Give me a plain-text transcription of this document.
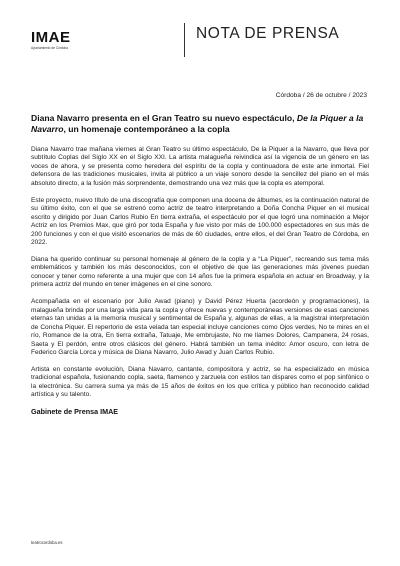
IMAE
Ayuntamiento de Córdoba
NOTA DE PRENSA
Córdoba / 26 de octubre / 2023
Diana Navarro presenta en el Gran Teatro su nuevo espectáculo, De la Piquer a la Navarro, un homenaje contemporáneo a la copla

Diana Navarro trae mañana viernes al Gran Teatro su último espectáculo, De la Piquer a la Navarro, que lleva por subtítulo Coplas del Siglo XX en el Siglo XXI. La artista malagueña reivindica así la vigencia de un género en las voces de ahora, y se presenta como heredera del espíritu de la copla y continuadora de este arte inmortal. Fiel defensora de las tradiciones musicales, invita al público a un viaje sonoro desde la sencillez del piano en el más absoluto directo, a la fusión más sorprendente, demostrando una vez más que la copla es atemporal.

Este proyecto, nuevo título de una discografía que componen una docena de álbumes, es la continuación natural de su último éxito, con el que se estrenó como actriz de teatro interpretando a Doña Concha Piquer en el musical escrito y dirigido por Juan Carlos Rubio En tierra extraña, el espectáculo por el que logró una nominación a Mejor Actriz en los Premios Max, que giró por toda España y fue visto por más de 100.000 espectadores en sus más de 200 funciones y con el que visitó escenarios de más de 60 ciudades, entre ellos, el del Gran Teatro de Córdoba, en 2022.

Diana ha querido continuar su personal homenaje al género de la copla y a “La Piquer”, recreando sus tema más emblemáticos y también los más desconocidos, con el objetivo de que las generaciones más jóvenes puedan conocer y tener como referente a una mujer que con 14 años fue la primera española en actuar en Broadway, y la primera actriz del mundo en tener imágenes en el cine sonoro.

Acompañada en el escenario por Julio Awad (piano) y David Pérez Huerta (acordeón y programaciones), la malagueña brinda por una larga vida para la copla y ofrece nuevas y contemporáneas versiones de esas canciones eternas tan unidas a la memoria musical y sentimental de España y, algunas de ellas, a la magistral interpretación de Concha Piquer. El repertorio de esta velada tan especial incluye canciones como Ojos verdes, No te mires en el río, Romance de la otra, En tierra extraña, Tatuaje, Me embrujaste, No me llames Dolores, Campanera, 24 rosas, Saeta y El perdón, entre otros clásicos del género. Habrá también un tema inédito: Amor oscuro, con letra de Federico García Lorca y música de Diana Navarro, Julio Awad y Juan Carlos Rubio.

Artista en constante evolución, Diana Navarro, cantante, compositora y actriz, se ha especializado en música tradicional española, fusionando copla, saeta, flamenco y zarzuela con estilos tan dispares como el pop sinfónico o la electrónica. Su carrera suma ya más de 15 años de éxitos en los que crítica y público han reconocido calidad artística y su talento.

Gabinete de Prensa IMAE
teatrocordoba.es
